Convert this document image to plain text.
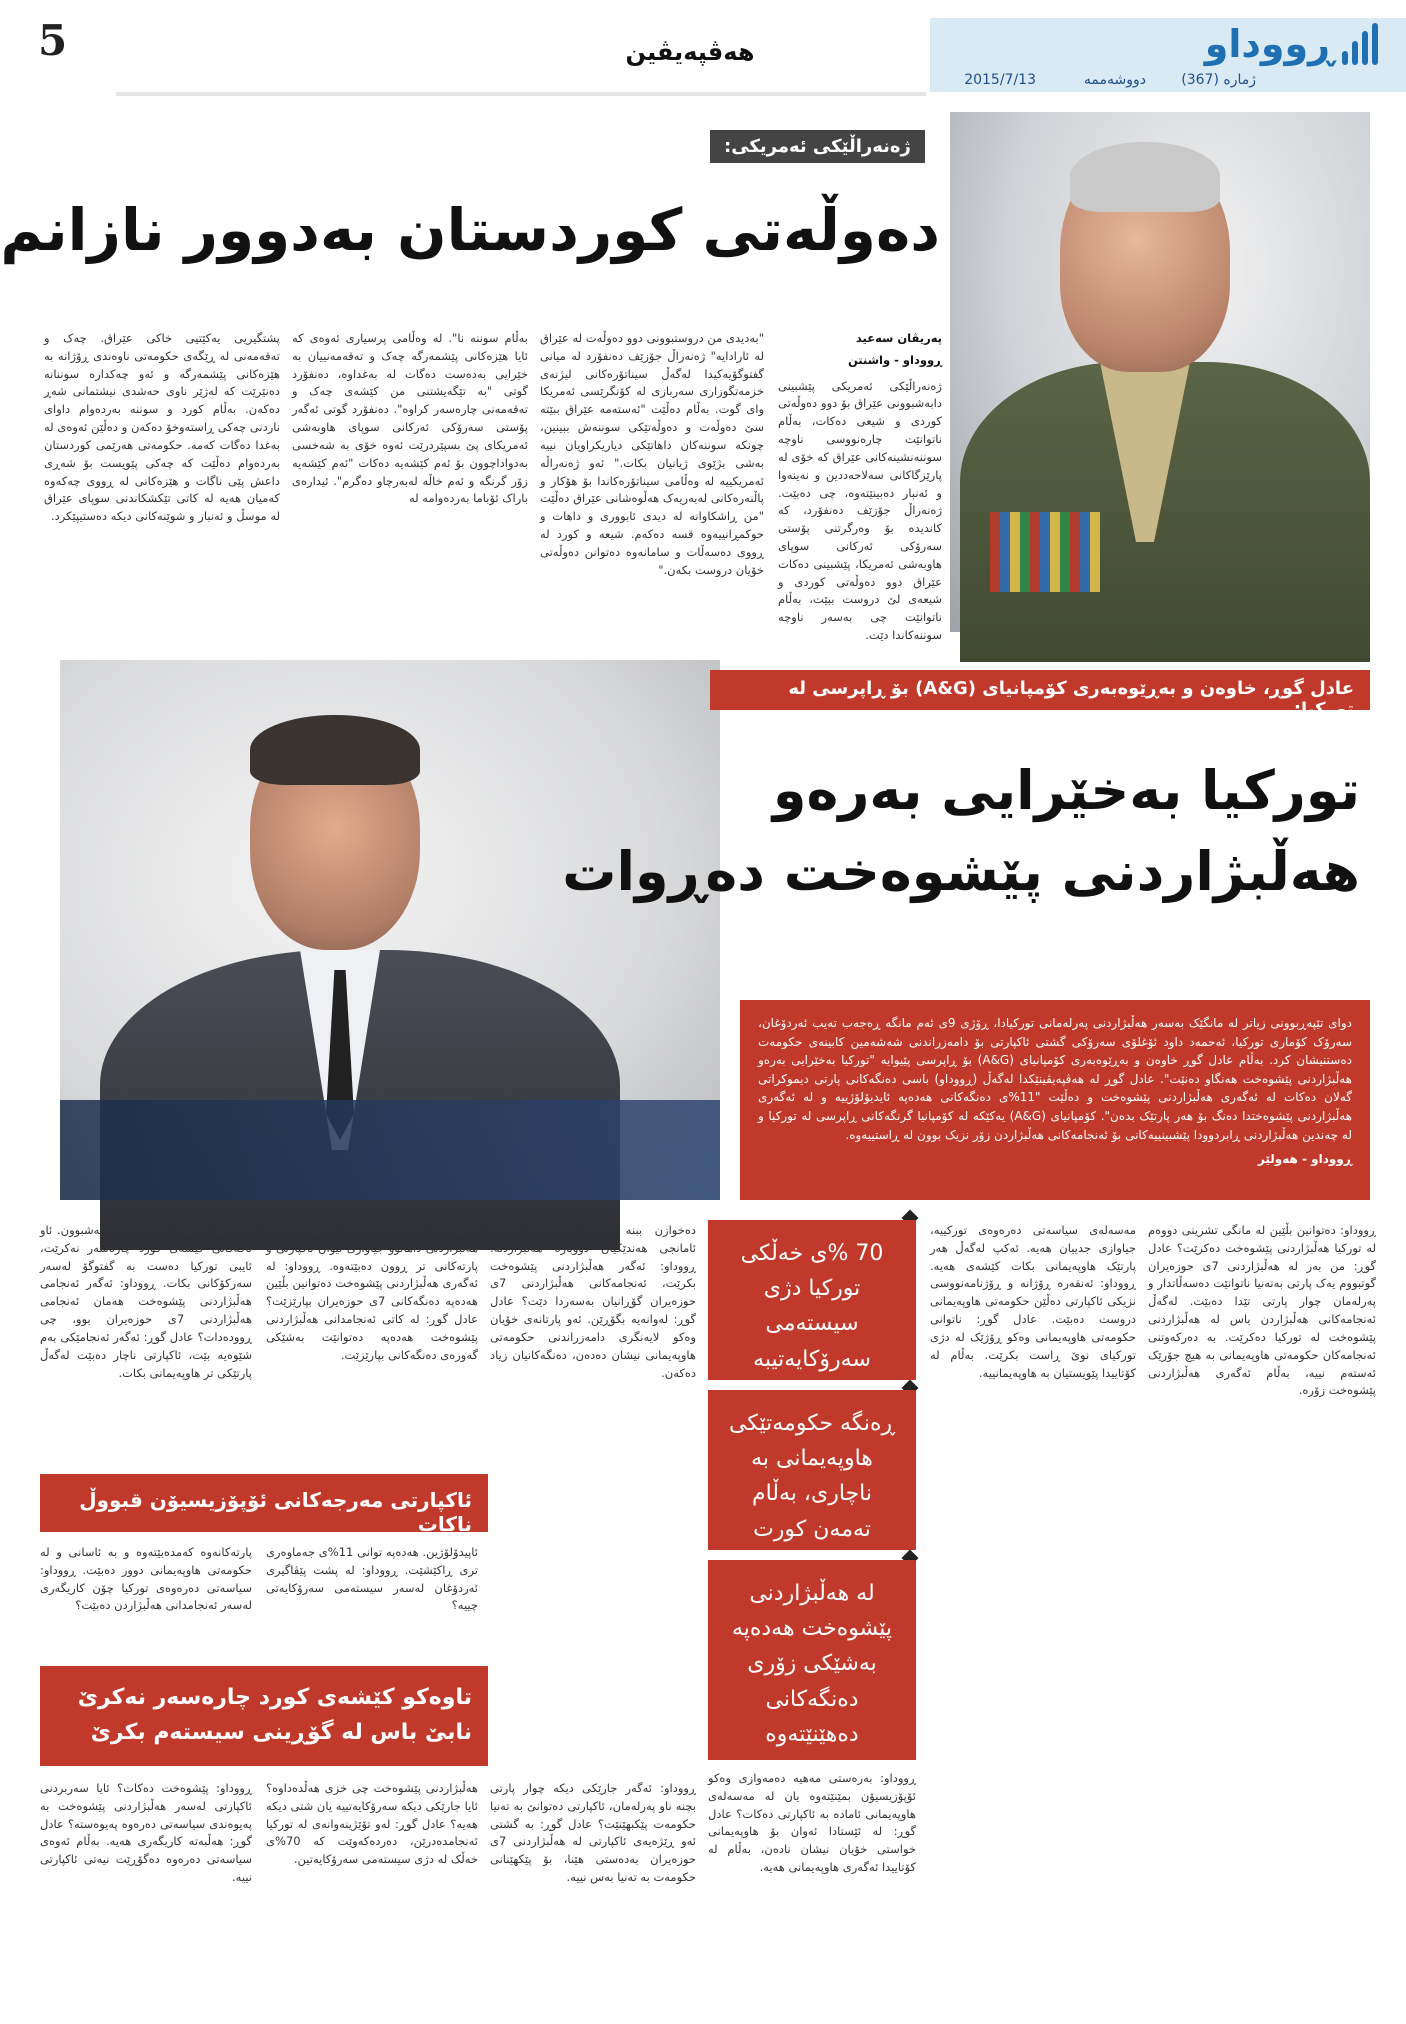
5	هەڤپەیڤین	ڕووداو
ژمارە (367)
دووشەممە
2015/7/13
ژەنەراڵێکی ئەمریکی:
دەوڵەتی کوردستان بەدوور نازانم
پەریڤان سەعید
ڕووداو - واشنتن

ژەنەراڵێکی ئەمریکی پێشبینی دابەشبوونی عێراق بۆ دوو دەوڵەتی کوردی و شیعی دەکات، بەڵام ناتوانێت چارەنووسی ناوچە سوننەنشینەکانی عێراق کە خۆی لە پارێزگاکانی سەلاحەددین و نەینەوا و ئەنبار دەبینێتەوە، چی دەبێت. ژەنەراڵ جۆزێف دەنفۆرد، کە کاندیدە بۆ وەرگرتنی پۆستی سەرۆکی ئەرکانی سوپای هاوبەشی ئەمریکا، پێشبینی دەکات عێراق دوو دەوڵەتی کوردی و شیعەی لێ دروست ببێت، بەڵام ناتوانێت چی بەسەر ناوچە سوننەکاندا دێت.

"بەدیدی من دروستبوونی دوو دەوڵەت لە عێراق لە ئارادایە" ژەنەراڵ جۆزێف دەنفۆرد لە میانی گفتوگۆیەکیدا لەگەڵ سیناتۆرەکانی لیژنەی خزمەتگوزاری سەربازی لە کۆنگرێسی ئەمریکا وای گوت. بەڵام دەڵێت "ئەستەمە عێراق ببێتە سێ دەوڵەت و دەوڵەتێکی سوننەش ببینین، چونکە سوننەکان داهاتێکی دیاریکراویان نییە بەشی بژێوی ژیانیان بکات." ئەو ژەنەراڵە ئەمریکییە لە وەڵامی سیناتۆرەکاندا بۆ هۆکار و پاڵنەرەکانی لەبەریەک هەڵوەشانی عێراق دەڵێت "من ڕاشکاوانە لە دیدی ئابووری و داهات و حوکمڕانییەوە قسە دەکەم. شیعە و کورد لە ڕووی دەسەڵات و سامانەوە دەتوانن دەوڵەتی خۆیان دروست بکەن."

بەڵام سوننە نا". لە وەڵامی پرسیاری ئەوەی کە ئایا هێزەکانی پێشمەرگە چەک و تەقەمەنییان بە خێرایی بەدەست دەگات لە بەغداوە، دەنفۆرد گوتی "بە تێگەیشتنی من کێشەی چەک و تەقەمەنی چارەسەر کراوە". دەنفۆرد گوتی ئەگەر پۆستی سەرۆکی ئەرکانی سوپای هاوبەشی ئەمریکای پێ بسپێردرێت ئەوە خۆی بە شەخسی بەدواداچوون بۆ ئەم کێشەیە دەکات "ئەم کێشەیە زۆر گرنگە و ئەم خاڵە لەبەرچاو دەگرم". ئیدارەی باراک ئۆباما بەردەوامە لە

پشتگیریی یەکێتیی خاکی عێراق. چەک و تەقەمەنی لە ڕێگەی حکومەتی ناوەندی ڕۆژانە بە هێزەکانی پێشمەرگە و ئەو چەکدارە سوننانە دەنێرێت کە لەژێر ناوی حەشدی نیشتمانی شەڕ دەکەن. بەڵام کورد و سوننە بەردەوام داوای ناردنی چەکی ڕاستەوخۆ دەکەن و دەڵێن ئەوەی لە بەغدا دەگات کەمە. حکومەتی هەرێمی کوردستان بەردەوام دەڵێت کە چەکی پێویست بۆ شەڕی داعش پێی ناگات و هێزەکانی لە ڕووی چەکەوە کەمیان هەیە لە کاتی تێکشکاندنی سوپای عێراق لە موسڵ و ئەنبار و شوێنەکانی دیکە دەستیپێکرد.

عادل گوڕ، خاوەن و بەڕێوەبەری کۆمپانیای (A&G) بۆ ڕاپرسی لە تورکیا:
تورکیا بەخێرایی بەرەو هەڵبژاردنی پێشوەخت دەڕوات

دوای تێپەڕبوونی زیاتر لە مانگێک بەسەر هەڵبژاردنی پەرلەمانی تورکیادا، ڕۆژی 9ی ئەم مانگە ڕەجەب تەیب ئەردۆغان، سەرۆک کۆماری تورکیا، ئەحمەد داود ئۆغلۆی سەرۆکی گشتی ئاکپارتی بۆ دامەزراندنی شەشەمین کابینەی حکومەت دەستنیشان کرد. بەڵام عادل گوڕ خاوەن و بەڕێوەبەری کۆمپانیای (A&G) بۆ ڕاپرسی پێیوایە "تورکیا بەخێرایی بەرەو هەڵبژاردنی پێشوەخت هەنگاو دەنێت". عادل گوڕ لە هەڤپەیڤینێکدا لەگەڵ (ڕووداو) باسی دەنگەکانی پارتی دیموکراتی گەلان دەکات لە ئەگەری هەڵبژاردنی پێشوەخت و دەڵێت "11%ی دەنگەکانی هەدەپە ئایدیۆلۆژییە و لە ئەگەری هەڵبژاردنی پێشوەختدا دەنگ بۆ هەر پارتێک بدەن". کۆمپانیای (A&G) یەکێکە لە کۆمپانیا گرنگەکانی ڕاپرسی لە تورکیا و لە چەندین هەڵبژاردنی ڕابردوودا پێشبینییەکانی بۆ ئەنجامەکانی هەڵبژاردن زۆر نزیک بوون لە ڕاستییەوە.

ڕووداو - هەولێر

ڕووداو: دەتوانین بڵێین لە مانگی تشرینی دووەم لە تورکیا هەڵبژاردنی پێشوەخت دەکرێت؟ عادل گوڕ: من بەر لە هەڵبژاردنی 7ی حوزەیران گوتبووم یەک پارتی بەتەنیا ناتوانێت دەسەڵاتدار و پەرلەمان چوار پارتی تێدا دەبێت. لەگەڵ ئەنجامەکانی هەڵبژاردن باس لە هەڵبژاردنی پێشوەخت لە تورکیا دەکرێت. بە دەرکەوتنی ئەنجامەکان حکومەتی هاوپەیمانی بە هیچ جۆرێک ئەستەم نییە، بەڵام ئەگەری هەڵبژاردنی پێشوەخت زۆرە.

مەسەلەی سیاسەتی دەرەوەی تورکییە، جیاوازی جدییان هەیە. ئەکپ لەگەڵ هەر پارتێک هاوپەیمانی بکات کێشەی هەیە. ڕووداو: ئەنقەرە ڕۆژانە و ڕۆژنامەنووسی نزیکی ئاکپارتی دەڵێن حکومەتی هاوپەیمانی دروست دەبێت. عادل گوڕ: ناتوانی حکومەتی هاوپەیمانی وەکو ڕۆژێک لە دژی تورکیای نوێ ڕاست بکرێت. بەڵام لە کۆتاییدا پێویستیان بە هاوپەیمانییە.

70 %ی خەڵکی تورکیا دژی سیستەمی سەرۆکایەتیبە
ڕەنگە حکومەتێکی هاوپەیمانی بە ناچاری، بەڵام تەمەن کورت
لە هەڵبژاردنی پێشوەخت هەدەپە بەشێکی زۆری دەنگەکانی دەهێنێتەوە

ڕووداو: بەرەستی مەهیە دەمەوازی وەکو ئۆپۆزیسیۆن بمێنێتەوە یان لە مەسەلەی هاوپەیمانی ئامادە بە ئاکپارتی دەکات؟ عادل گوڕ: لە ئێستادا ئەوان بۆ هاوپەیمانی خواستی خۆیان نیشان نادەن، بەڵام لە کۆتاییدا ئەگەری هاوپەیمانی هەیە.

دەخوازن ببنە بەشی حکومەت، بەڵام ئامانجی هەندێکیان دووبارە هەڵبژاردنە. ڕووداو: ئەگەر هەڵبژاردنی پێشوەخت بکرێت، ئەنجامەکانی هەڵبژاردنی 7ی حوزەیران گۆڕانیان بەسەردا دێت؟ عادل گوڕ: لەوانەیە بگۆڕێن. ئەو پارتانەی خۆیان وەکو لایەنگری دامەزراندنی حکومەتی هاوپەیمانی نیشان دەدەن، دەنگەکانیان زیاد دەکەن.

مەسەلەی ڕێژەی دەنگەکان کاریگەرترە. لە هەڵبژاردنی داهاتوو جیاوازی نێوان ئاکپارتی و پارتەکانی تر ڕوون دەبێتەوە. ڕووداو: لە ئەگەری هەڵبژاردنی پێشوەخت دەتوانین بڵێین هەدەپە دەنگەکانی 7ی حوزەیران بپارێزێت؟ عادل گوڕ: لە کاتی ئەنجامدانی هەڵبژاردنی پێشوەخت هەدەپە دەتوانێت بەشێکی گەورەی دەنگەکانی بپارێزێت.

فیدراڵیی بەکستان دەکەن لە داپەشبوون. ئاو ئاکەکانی کێشەی کورد چارەسەر نەکرێت، ئایبی تورکیا دەست بە گفتوگۆ لەسەر سەرکۆکانی بکات. ڕووداو: ئەگەر ئەنجامی هەڵبژاردنی پێشوەخت هەمان ئەنجامی هەڵبژاردنی 7ی حوزەیران بوو، چی ڕوودەدات؟ عادل گوڕ: ئەگەر ئەنجامێکی بەم شێوەیە بێت، ئاکپارتی ناچار دەبێت لەگەڵ پارتێکی تر هاوپەیمانی بکات.

ئاکپارتی مەرجەکانی ئۆپۆزیسیۆن قبووڵ ناکات

ئاپیدۆلۆژین. هەدەپە توانی 11%ی جەماوەری تری ڕاکێشێت. ڕووداو: لە پشت پێڤاگیری ئەردۆغان لەسەر سیستەمی سەرۆکایەتی چییە؟

پارتەکانەوە کەمدەبێتەوە و بە ئاسانی و لە حکومەتی هاوپەیمانی دوور دەبێت. ڕووداو: سیاسەتی دەرەوەی تورکیا چۆن کاریگەری لەسەر ئەنجامدانی هەڵبژاردن دەبێت؟

تاوەکو کێشەی کورد چارەسەر نەکرێ نابێ باس لە گۆڕینی سیستەم بکرێ

ڕووداو: ئەگەر جارێکی دیکە چوار پارتی بچنە ناو پەرلەمان، ئاکپارتی دەتوانێ بە تەنیا حکومەت پێکبهێنێت؟ عادل گوڕ: بە گشتی ئەو ڕێژەیەی ئاکپارتی لە هەڵبژاردنی 7ی حوزەیران بەدەستی هێنا، بۆ پێکهێنانی حکومەت بە تەنیا بەس نییە.

هەڵبژاردنی پێشوەخت چی خزی هەڵدەداوە؟ ئایا جارێکی دیکە سەرۆکایەتییە یان شتی دیکە هەیە؟ عادل گوڕ: لەو تۆێژینەوانەی لە تورکیا ئەنجامدەدرێن، دەردەکەوێت کە 70%ی خەڵک لە دژی سیستەمی سەرۆکایەتین.

ڕووداو: پێشوەخت دەکات؟ ئایا سەربردنی ئاکپارتی لەسەر هەڵبژاردنی پێشوەخت بە پەیوەندی سیاسەتی دەرەوە پەیوەستە؟ عادل گوڕ: هەڵبەتە کاریگەری هەیە. بەڵام ئەوەی سیاسەتی دەرەوە دەگۆڕێت نیەتی ئاکپارتی نییە.
